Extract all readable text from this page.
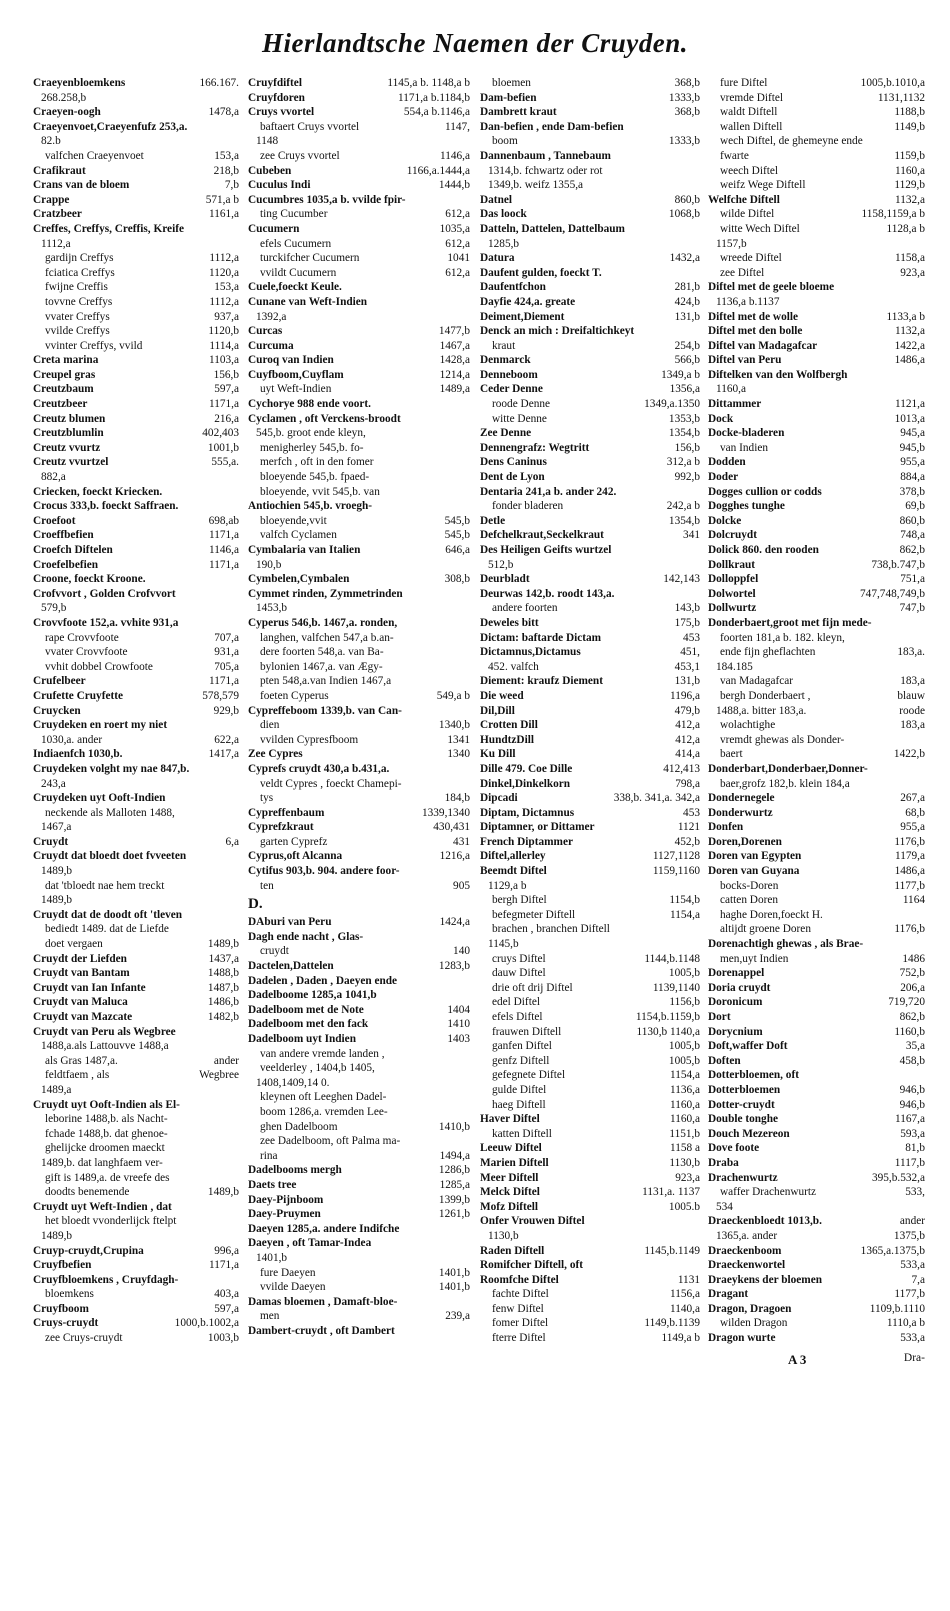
Hierlandtsche Naemen der Cruyden.
Craeyenbloemkens	166.167.
268.258,b
Craeyen-oogh	1478,a
Craeyenvoet,Craeyenfufz 253,a.
82.b
valfchen Craeyenvoet	153,a
Crafikraut	218,b
Crans van de bloem	7,b
Crappe	571,a b
Cratzbeer	1161,a
Creffes, Creffys, Creffis, Kreife
1112,a
gardijn Creffys	1112,a
fciatica Creffys	1120,a
fwijne Creffis	153,a
tovvne Creffys	1112,a
vvater Creffys	937,a
vvilde Creffys	1120,b
vvinter Creffys, vvild	1114,a
Creta marina	1103,a
Creupel gras	156,b
Creutzbaum	597,a
Creutzbeer	1171,a
Creutz blumen	216,a
Creutzblumlin	402,403
Creutz vvurtz	1001,b
Creutz vvurtzel	555,a.
882,a
Criecken, foeckt Kriecken.
Crocus 333,b. foeckt Saffraen.
Croefoot	698,ab
Croeffbefien	1171,a
Croefch Diftelen	1146,a
Croefelbefien	1171,a
Croone, foeckt Kroone.
Crofvvort , Golden Crofvvort
579,b
Crovvfoote 152,a. vvhite 931,a
rape Crovvfoote	707,a
vvater Crovvfoote	931,a
vvhit dobbel Crowfoote	705,a
Crufelbeer	1171,a
Crufette Cruyfette	578,579
Cruycken	929,b
Cruydeken en roert my niet
1030,a. ander	622,a
Indiaenfch 1030,b.	1417,a
Cruydeken volght my nae 847,b.
243,a
Cruydeken uyt Ooft-Indien
neckende als Malloten 1488,
1467,a
Cruydt	6,a
Cruydt dat bloedt doet fvveeten
1489,b
dat 'tbloedt nae hem treckt
1489,b
Cruydt dat de doodt oft 'tleven
bediedt 1489. dat de Liefde
doet vergaen	1489,b
Cruydt der Liefden	1437,a
Cruydt van Bantam	1488,b
Cruydt van Ian Infante	1487,b
Cruydt van Maluca	1486,b
Cruydt van Mazcate	1482,b
Cruydt van Peru als Wegbree
1488,a.als Lattouvve 1488,a
als Gras 1487,a.	ander
feldtfaem , als	Wegbree
1489,a
Cruydt uyt Ooft-Indien als El-
leborine 1488,b. als Nacht-
fchade 1488,b. dat ghenoe-
ghelijcke droomen maeckt
1489,b. dat langhfaem ver-
gift is 1489,a. de vreefe des
doodts benemende	1489,b
Cruydt uyt Weft-Indien , dat
het bloedt vvonderlijck ftelpt
1489,b
Cruyp-cruydt,Crupina	996,a
Cruyfbefien	1171,a
Cruyfbloemkens , Cruyfdagh-
bloemkens	403,a
Cruyfboom	597,a
Cruys-cruydt	1000,b.1002,a
zee Cruys-cruydt	1003,b
Cruyfdiftel	1145,a b. 1148,a b
Cruyfdoren	1171,a b.1184,b
Cruys vvortel	554,a b.1146,a
baftaert Cruys vvortel	1147,
1148
zee Cruys vvortel	1146,a
Cubeben	1166,a.1444,a
Cuculus Indi	1444,b
Cucumbres 1035,a b. vvilde fpir-
ting Cucumber	612,a
Cucumern	1035,a
efels Cucumern	612,a
turckifcher Cucumern	1041
vvildt Cucumern	612,a
Cuele,foeckt Keule.
Cunane van Weft-Indien
1392,a
Curcas	1477,b
Curcuma	1467,a
Curoq van Indien	1428,a
Cuyfboom,Cuyflam	1214,a
uyt Weft-Indien	1489,a
Cychorye 988 ende voort.
Cyclamen , oft Verckens-broodt
545,b. groot ende kleyn,
menigherley 545,b. fo-
merfch , oft in den fomer
bloeyende 545,b. fpaed-
bloeyende, vvit 545,b. van
Antiochien 545,b. vroegh-
bloeyende,vvit	545,b
valfch Cyclamen	545,b
Cymbalaria van Italien	646,a
190,b
Cymbelen,Cymbalen	308,b
Cymmet rinden, Zymmetrinden
1453,b
Cyperus 546,b. 1467,a. ronden,
langhen, valfchen 547,a b.an-
dere foorten 548,a. van Ba-
bylonien 1467,a. van Ægy-
pten 548,a.van Indien 1467,a
foeten Cyperus	549,a b
Cypreffeboom 1339,b. van Can-
dien	1340,b
vvilden Cypresfboom	1341
Zee Cypres	1340
Cyprefs cruydt 430,a b.431,a.
veldt Cypres , foeckt Chamepi-
tys	184,b
Cypreffenbaum	1339,1340
Cyprefzkraut	430,431
garten Cyprefz	431
Cyprus,oft Alcanna	1216,a
Cytifus 903,b. 904. andere foor-
ten	905
D.
DAburi van Peru	1424,a
Dagh ende nacht , Glas-
cruydt	140
Dactelen,Dattelen	1283,b
Dadelen , Daden , Daeyen ende
Dadelboome 1285,a 1041,b
Dadelboom met de Note	1404
Dadelboom met den fack	1410
Dadelboom uyt Indien	1403
van andere vremde landen ,
veelderley , 1404,b 1405,
1408,1409,14 0.
kleynen oft Leeghen Dadel-
boom 1286,a. vremden Lee-
ghen Dadelboom	1410,b
zee Dadelboom, oft Palma ma-
rina	1494,a
Dadelbooms mergh	1286,b
Daets tree	1285,a
Daey-Pijnboom	1399,b
Daey-Pruymen	1261,b
Daeyen 1285,a. andere Indifche
Daeyen , oft Tamar-Indea
1401,b
fure Daeyen	1401,b
vvilde Daeyen	1401,b
Damas bloemen , Damaft-bloe-
men	239,a
Dambert-cruydt , oft Dambert
bloemen	368,b
Dam-befien	1333,b
Dambrett kraut	368,b
Dan-befien , ende Dam-befien
boom	1333,b
Dannenbaum , Tannebaum
1314,b. fchwartz oder rot
1349,b. weifz 1355,a
Datnel	860,b
Das loock	1068,b
Datteln, Dattelen, Dattelbaum
1285,b
Datura	1432,a
Daufent gulden, foeckt T.
Daufentfchon	281,b
Dayfie 424,a. greate	424,b
Deiment,Diement	131,b
Denck an mich : Dreifaltichkeyt
kraut	254,b
Denmarck	566,b
Denneboom	1349,a b
Ceder Denne	1356,a
roode Denne	1349,a.1350
witte Denne	1353,b
Zee Denne	1354,b
Dennengrafz: Wegtritt	156,b
Dens Caninus	312,a b
Dent de Lyon	992,b
Dentaria 241,a b. ander 242.
fonder bladeren	242,a b
Detle	1354,b
Defchelkraut,Seckelkraut	341
Des Heiligen Geifts wurtzel
512,b
Deurbladt	142,143
Deurwas 142,b. roodt 143,a.
andere foorten	143,b
Deweles bitt	175,b
Dictam: baftarde Dictam	453
Dictamnus,Dictamus	451,
452. valfch	453,1
Diement: kraufz Diement	131,b
Die weed	1196,a
Dil,Dill	479,b
Crotten Dill	412,a
HundtzDill	412,a
Ku Dill	414,a
Dille 479. Coe Dille	412,413
Dinkel,Dinkelkorn	798,a
Dipcadi	338,b. 341,a. 342,a
Diptam, Dictamnus	453
Diptamner, or Dittamer	1121
French Diptammer	452,b
Diftel,allerley	1127,1128
Beemdt Diftel	1159,1160
1129,a b
bergh Diftel	1154,b
befegmeter Diftell	1154,a
brachen , branchen Diftell
1145,b
cruys Diftel	1144,b.1148
dauw Diftel	1005,b
drie oft drij Diftel	1139,1140
edel Diftel	1156,b
efels Diftel	1154,b.1159,b
frauwen Diftell	1130,b 1140,a
ganfen Diftel	1005,b
genfz Diftell	1005,b
gefegnete Diftel	1154,a
gulde Diftel	1136,a
haeg Diftell	1160,a
Haver Diftel	1160,a
katten Diftell	1151,b
Leeuw Diftel	1158 a
Marien Diftell	1130,b
Meer Diftell	923,a
Melck Diftel	1131,a. 1137
Mofz Diftell	1005.b
Onfer Vrouwen Diftel
1130,b
Raden Diftell	1145,b.1149
Romifcher Diftell, oft
Roomfche Diftel	1131
fachte Diftel	1156,a
fenw Diftel	1140,a
fomer Diftel	1149,b.1139
fterre Diftel	1149,a b
fure Diftel	1005,b.1010,a
vremde Diftel	1131,1132
waldt Diftell	1188,b
wallen Diftell	1149,b
wech Diftel, de ghemeyne ende
fwarte	1159,b
weech Diftel	1160,a
weifz Wege Diftell	1129,b
Welfche Diftell	1132,a
wilde Diftel	1158,1159,a b
witte Wech Diftel	1128,a b
1157,b
wreede Diftel	1158,a
zee Diftel	923,a
Diftel met de geele bloeme
1136,a b.1137
Diftel met de wolle	1133,a b
Diftel met den bolle	1132,a
Diftel van Madagafcar	1422,a
Diftel van Peru	1486,a
Diftelken van den Wolfbergh
1160,a
Dittammer	1121,a
Dock	1013,a
Docke-bladeren	945,a
van Indien	945,b
Dodden	955,a
Doder	884,a
Dogges cullion or codds	378,b
Dogghes tunghe	69,b
Dolcke	860,b
Dolcruydt	748,a
Dolick 860. den rooden	862,b
Dollkraut	738,b.747,b
Dolloppfel	751,a
Dolwortel	747,748,749,b
Dollwurtz	747,b
Donderbaert,groot met fijn mede-
foorten 181,a b. 182. kleyn,
ende fijn gheflachten	183,a.
184.185
van Madagafcar	183,a
bergh Donderbaert ,	blauw
1488,a. bitter 183,a.	roode
wolachtighe	183,a
vremdt ghewas als Donder-
baert	1422,b
Donderbart,Donderbaer,Donner-
baer,grofz 182,b. klein 184,a
Dondernegele	267,a
Donderwurtz	68,b
Donfen	955,a
Doren,Dorenen	1176,b
Doren van Egypten	1179,a
Doren van Guyana	1486,a
bocks-Doren	1177,b
catten Doren	1164
haghe Doren,foeckt H.
altijdt groene Doren	1176,b
Dorenachtigh ghewas , als Brae-
men,uyt Indien	1486
Dorenappel	752,b
Doria cruydt	206,a
Doronicum	719,720
Dort	862,b
Dorycnium	1160,b
Doft,waffer Doft	35,a
Doften	458,b
Dotterbloemen, oft
Dotterbloemen	946,b
Dotter-cruydt	946,b
Double tonghe	1167,a
Douch Mezereon	593,a
Dove foote	81,b
Draba	1117,b
Drachenwurtz	395,b.532,a
waffer Drachenwurtz	533,
534
Draeckenbloedt 1013,b.	ander
1365,a. ander	1375,b
Draeckenboom	1365,a.1375,b
Draeckenwortel	533,a
Draeykens der bloemen	7,a
Dragant	1177,b
Dragon, Dragoen	1109,b.1110
wilden Dragon	1110,a b
Dragon wurte	533,a
A 3	Dra-
